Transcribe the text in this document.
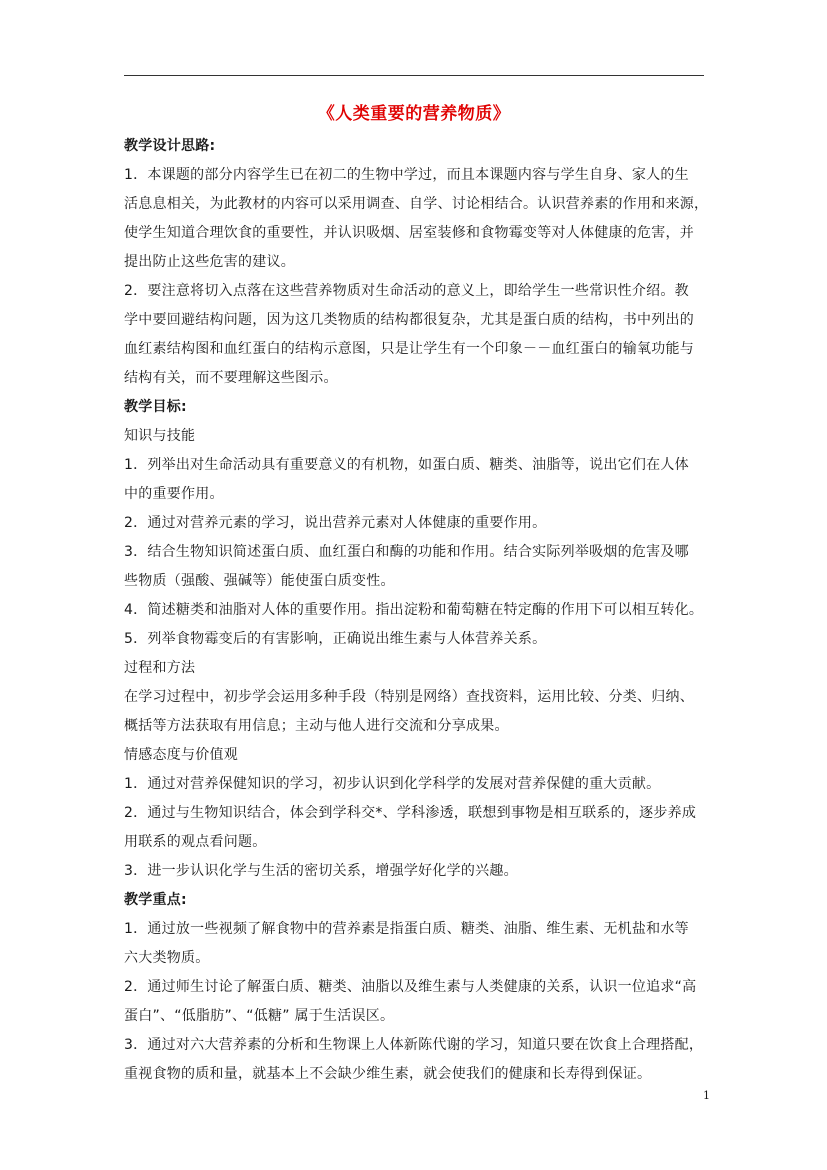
《人类重要的营养物质》
教学设计思路:
1．本课题的部分内容学生已在初二的生物中学过，而且本课题内容与学生自身、家人的生
活息息相关，为此教材的内容可以采用调查、自学、讨论相结合。认识营养素的作用和来源，
使学生知道合理饮食的重要性，并认识吸烟、居室装修和食物霉变等对人体健康的危害，并
提出防止这些危害的建议。
2．要注意将切入点落在这些营养物质对生命活动的意义上，即给学生一些常识性介绍。教
学中要回避结构问题，因为这几类物质的结构都很复杂，尤其是蛋白质的结构，书中列出的
血红素结构图和血红蛋白的结构示意图，只是让学生有一个印象－－血红蛋白的输氧功能与
结构有关，而不要理解这些图示。
教学目标:
知识与技能
1．列举出对生命活动具有重要意义的有机物，如蛋白质、糖类、油脂等，说出它们在人体
中的重要作用。
2．通过对营养元素的学习，说出营养元素对人体健康的重要作用。
3．结合生物知识简述蛋白质、血红蛋白和酶的功能和作用。结合实际列举吸烟的危害及哪
些物质（强酸、强碱等）能使蛋白质变性。
4．简述糖类和油脂对人体的重要作用。指出淀粉和葡萄糖在特定酶的作用下可以相互转化。
5．列举食物霉变后的有害影响，正确说出维生素与人体营养关系。
过程和方法
在学习过程中，初步学会运用多种手段（特别是网络）查找资料，运用比较、分类、归纳、
概括等方法获取有用信息；主动与他人进行交流和分享成果。
情感态度与价值观
1．通过对营养保健知识的学习，初步认识到化学科学的发展对营养保健的重大贡献。
2．通过与生物知识结合，体会到学科交*、学科渗透，联想到事物是相互联系的，逐步养成
用联系的观点看问题。
3．进一步认识化学与生活的密切关系，增强学好化学的兴趣。
教学重点:
1．通过放一些视频了解食物中的营养素是指蛋白质、糖类、油脂、维生素、无机盐和水等
六大类物质。
2．通过师生讨论了解蛋白质、糖类、油脂以及维生素与人类健康的关系，认识一位追求“高
蛋白”、“低脂肪”、“低糖” 属于生活误区。
3．通过对六大营养素的分析和生物课上人体新陈代谢的学习，知道只要在饮食上合理搭配，
重视食物的质和量，就基本上不会缺少维生素，就会使我们的健康和长寿得到保证。
1
